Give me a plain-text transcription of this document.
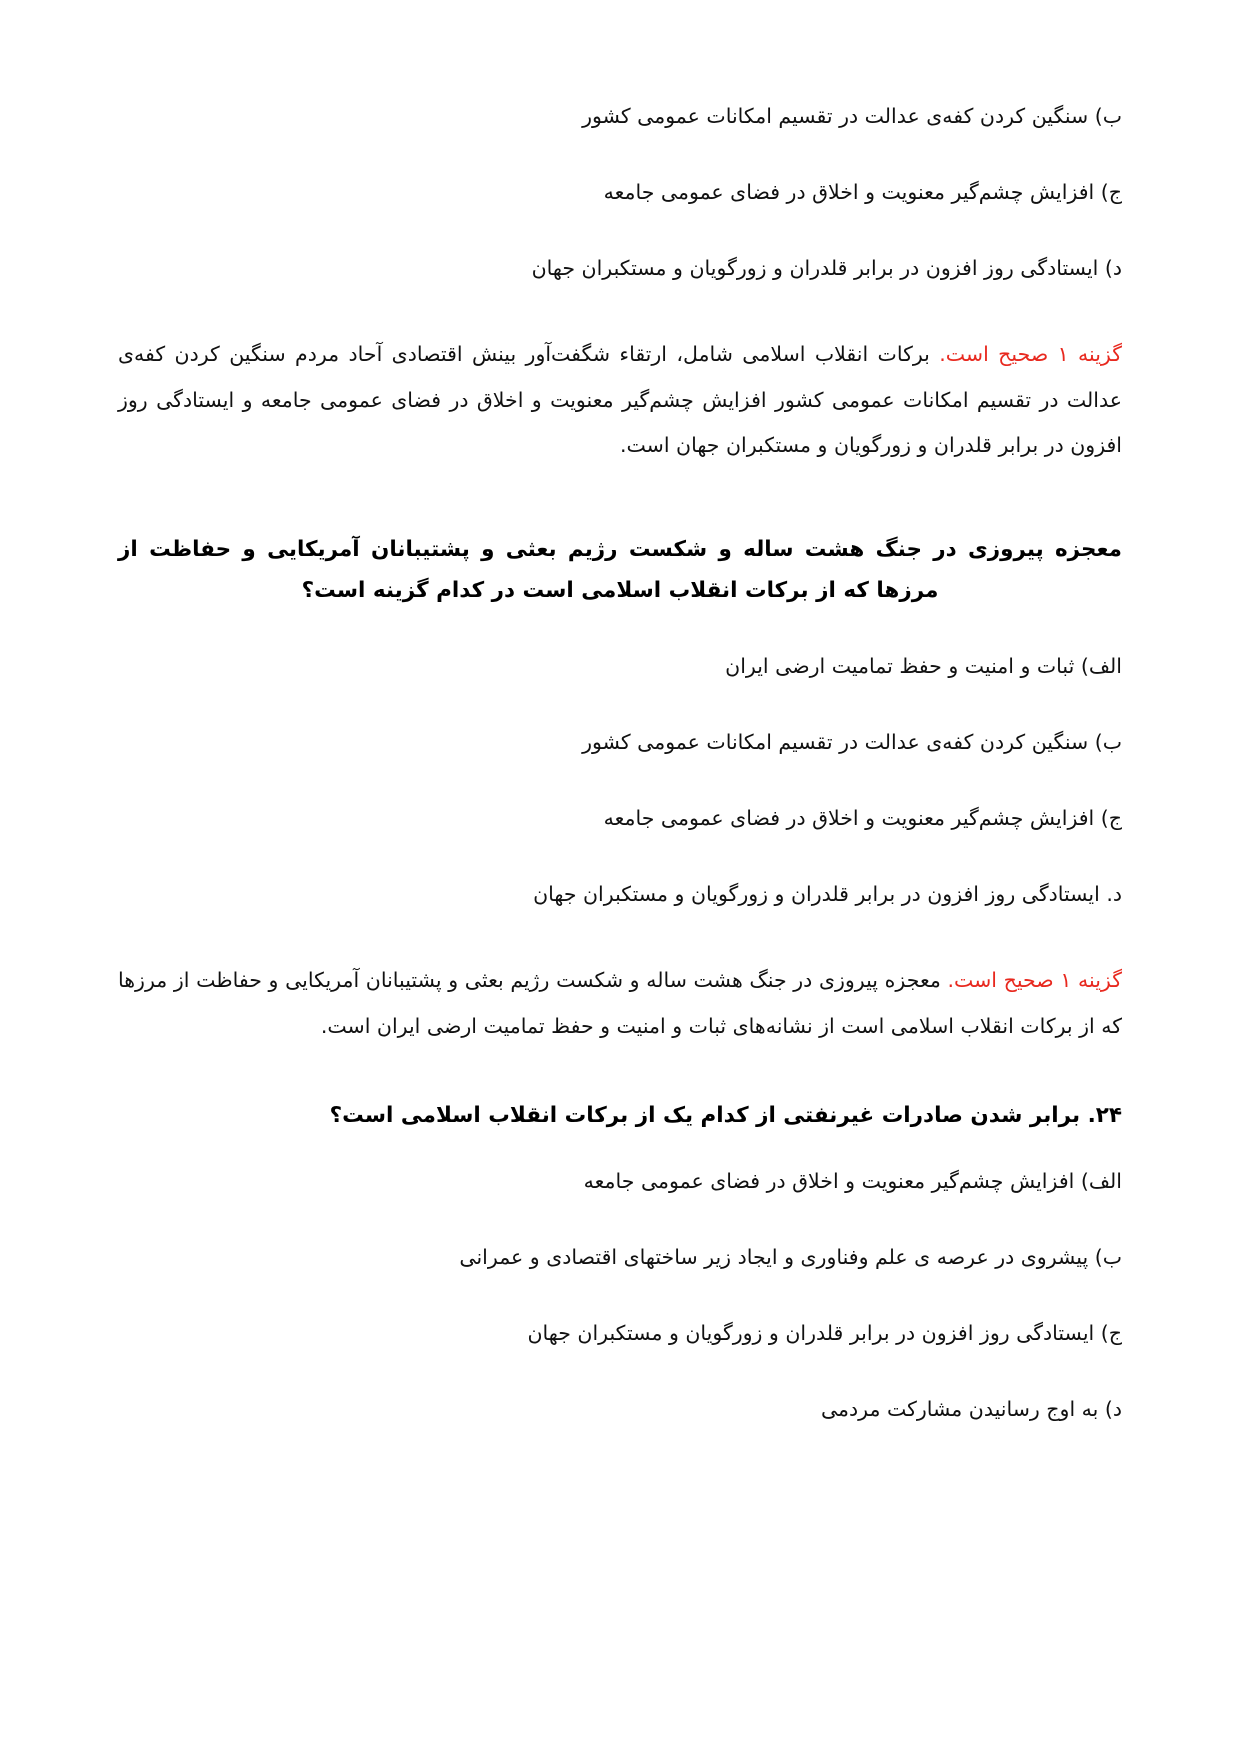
ب) سنگین کردن کفه‌ی عدالت در تقسیم امکانات عمومی کشور
ج) افزایش چشم‌گیر معنویت و اخلاق در فضای عمومی جامعه
د) ایستادگی روز افزون در برابر قلدران و زورگویان و مستکبران جهان
گزینه ۱ صحیح است. برکات انقلاب اسلامی شامل، ارتقاء شگفت‌آور بینش اقتصادی آحاد مردم سنگین کردن کفه‌ی عدالت در تقسیم امکانات عمومی کشور افزایش چشم‌گیر معنویت و اخلاق در فضای عمومی جامعه و ایستادگی روز افزون در برابر قلدران و زورگویان و مستکبران جهان است.
معجزه پیروزی در جنگ هشت ساله و شکست رژیم بعثی و پشتیبانان آمریکایی و حفاظت از مرزها که از برکات انقلاب اسلامی است در کدام گزینه است؟
الف) ثبات و امنیت و حفظ تمامیت ارضی ایران
ب) سنگین کردن کفه‌ی عدالت در تقسیم امکانات عمومی کشور
ج) افزایش چشم‌گیر معنویت و اخلاق در فضای عمومی جامعه
د. ایستادگی روز افزون در برابر قلدران و زورگویان و مستکبران جهان
گزینه ۱ صحیح است. معجزه پیروزی در جنگ هشت ساله و شکست رژیم بعثی و پشتیبانان آمریکایی و حفاظت از مرزها که از برکات انقلاب اسلامی است از نشانه‌های ثبات و امنیت و حفظ تمامیت ارضی ایران است.
۲۴. برابر شدن صادرات غیرنفتی از کدام یک از برکات انقلاب اسلامی است؟
الف) افزایش چشم‌گیر معنویت و اخلاق در فضای عمومی جامعه
ب) پیشروی در عرصه ی علم وفناوری و ایجاد زیر ساختهای اقتصادی و عمرانی
ج) ایستادگی روز افزون در برابر قلدران و زورگویان و مستکبران جهان
د) به اوج رسانیدن مشارکت مردمی
